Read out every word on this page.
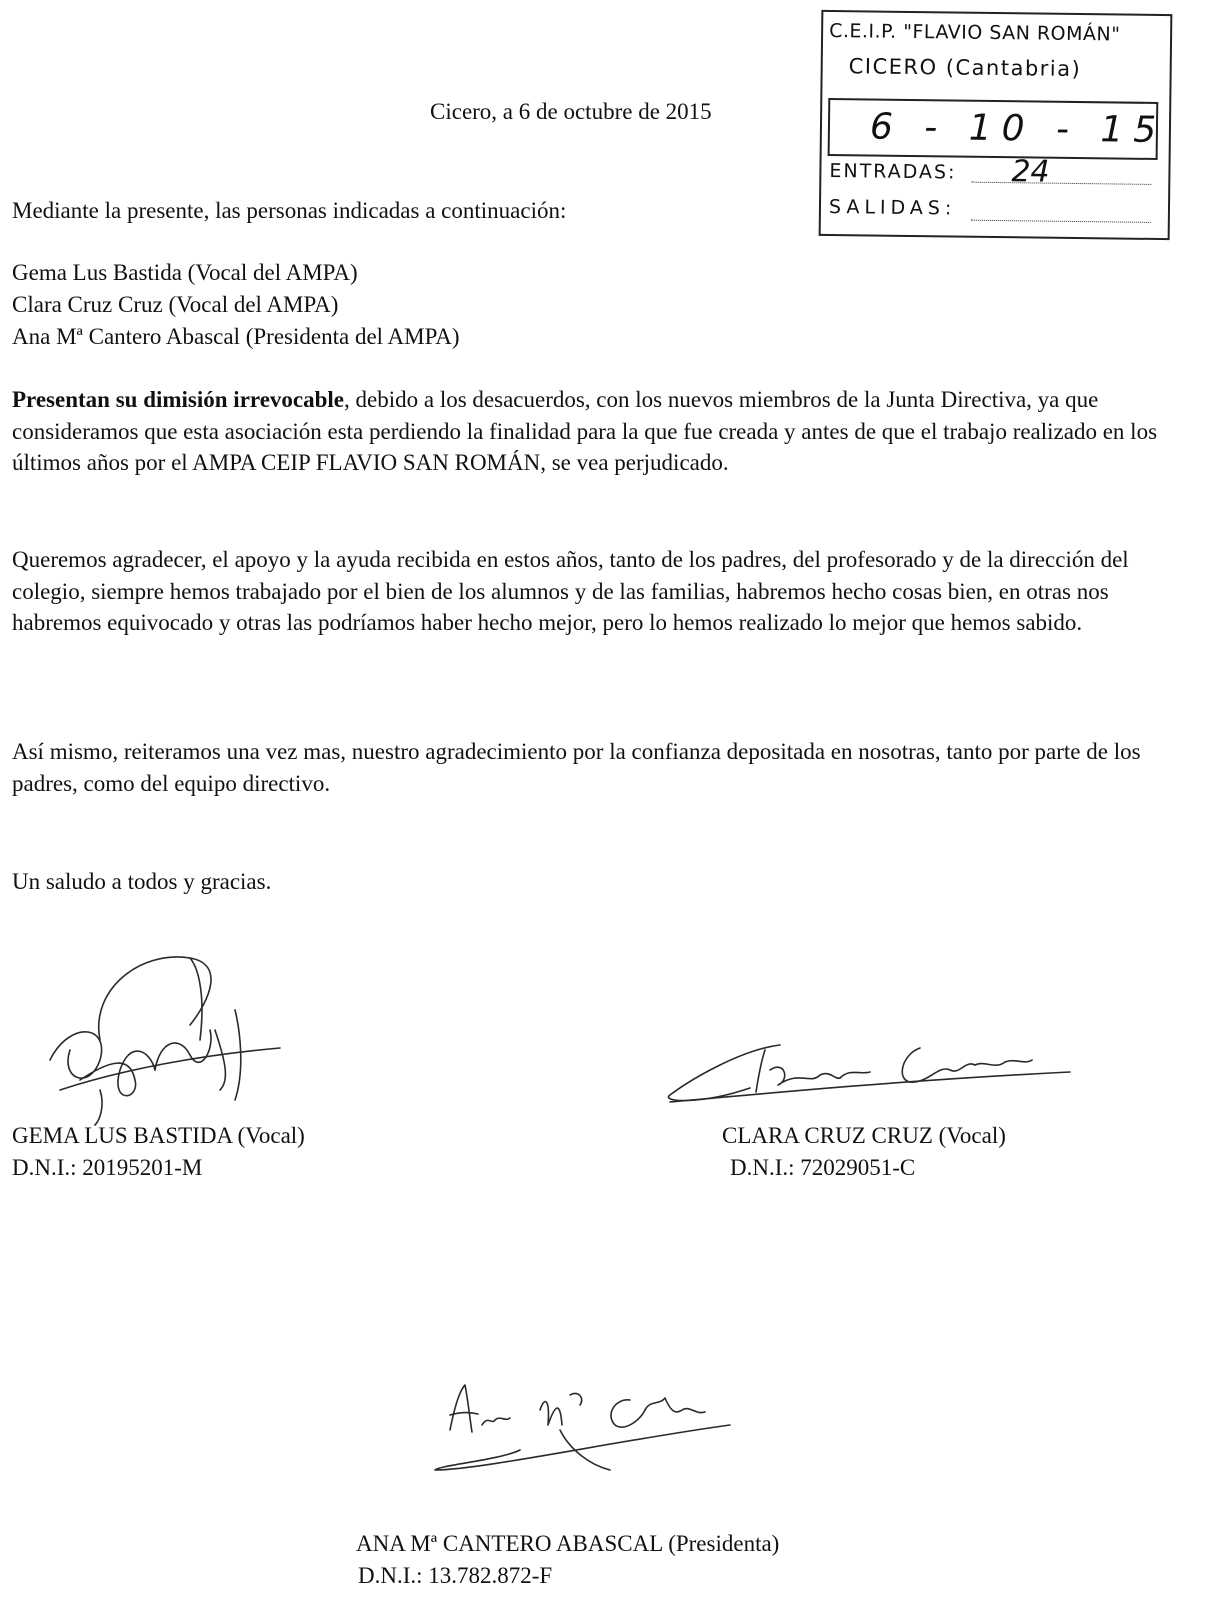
C.E.I.P. "FLAVIO SAN ROMÁN"
CICERO (Cantabria)
6 - 10 - 15
ENTRADAS: 24
SALIDAS:
Cicero, a 6 de octubre de 2015
Mediante la presente, las personas indicadas a continuación:
Gema Lus Bastida (Vocal del AMPA)
Clara Cruz Cruz (Vocal del AMPA)
Ana Mª Cantero Abascal (Presidenta del AMPA)
Presentan su dimisión irrevocable, debido a los desacuerdos, con los nuevos miembros de la Junta Directiva, ya que consideramos que esta asociación esta perdiendo la finalidad para la que fue creada y antes de que el trabajo realizado en los últimos años por el AMPA CEIP FLAVIO SAN ROMÁN, se vea perjudicado.
Queremos agradecer, el apoyo y la ayuda recibida en estos años, tanto de los padres, del profesorado y de la dirección del colegio, siempre hemos trabajado por el bien de los alumnos y de las familias, habremos hecho cosas bien, en otras nos habremos equivocado y otras las podríamos haber hecho mejor, pero lo hemos realizado lo mejor que hemos sabido.
Así mismo, reiteramos una vez mas, nuestro agradecimiento por la confianza depositada en nosotras, tanto por parte de los padres, como del equipo directivo.
Un saludo a todos y gracias.
GEMA LUS BASTIDA (Vocal)
D.N.I.: 20195201-M
CLARA CRUZ CRUZ (Vocal)
D.N.I.: 72029051-C
ANA Mª CANTERO ABASCAL (Presidenta)
D.N.I.: 13.782.872-F
